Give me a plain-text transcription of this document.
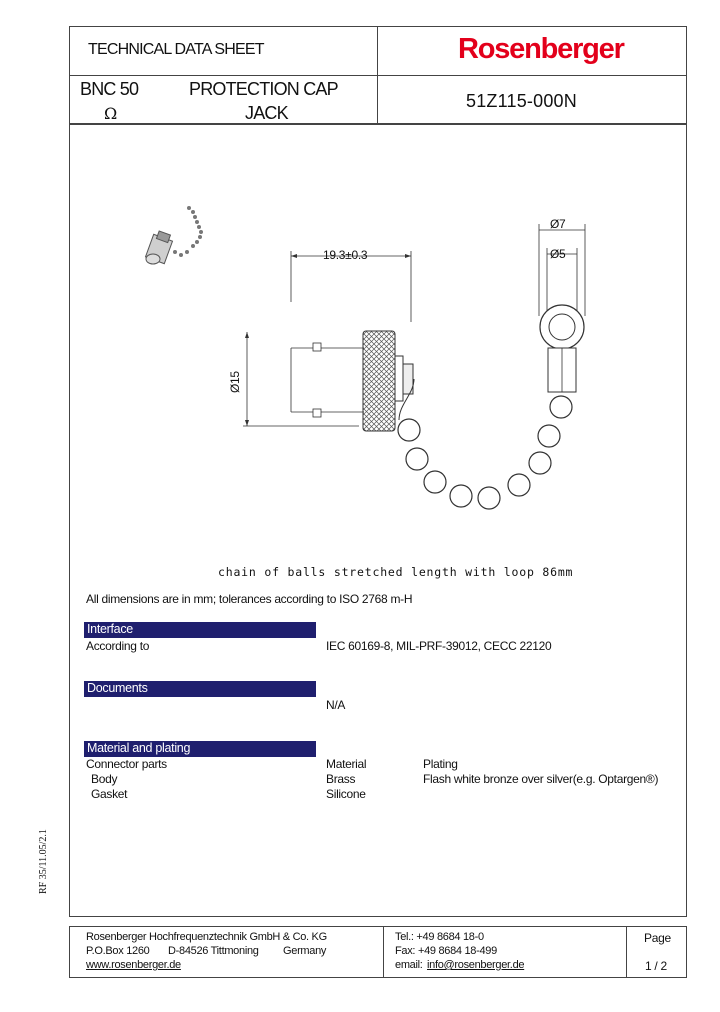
TECHNICAL DATA SHEET	Rosenberger
BNC 50
Ω
PROTECTION CAP
JACK
51Z115-000N
19.3±0.3
Ø7
Ø5
Ø15
chain of balls stretched length with loop 86mm
All dimensions are in mm; tolerances according to ISO 2768 m-H
Interface
According to	IEC 60169-8, MIL-PRF-39012, CECC 22120
Documents
N/A
Material and plating
Connector parts	Material	Plating
Body	Brass	Flash white bronze over silver(e.g. Optargen®)
Gasket	Silicone
Rosenberger Hochfrequenztechnik GmbH & Co. KG
P.O.Box 1260 D-84526 Tittmoning Germany
www.rosenberger.de
Tel.: +49 8684 18-0
Fax: +49 8684 18-499
email: info@rosenberger.de
Page
1 / 2
RF 35/11.05/2.1
